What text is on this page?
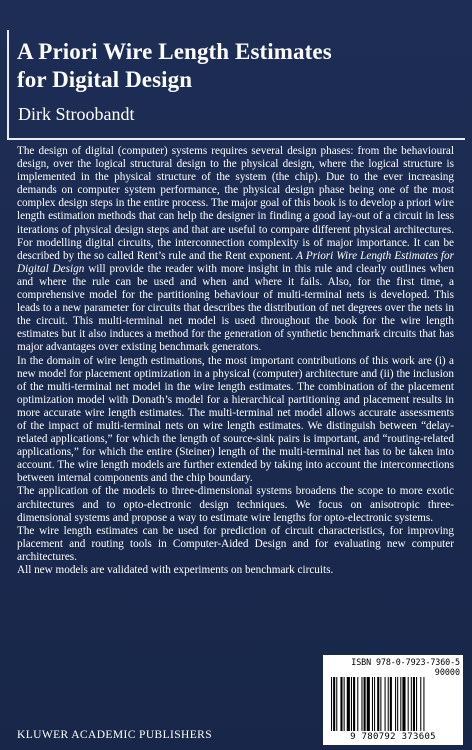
A Priori Wire Length Estimates
for Digital Design
Dirk Stroobandt

The design of digital (computer) systems requires several design phases: from the behavioural design, over the logical structural design to the physical design, where the logical structure is implemented in the physical structure of the system (the chip). Due to the ever increasing demands on computer system performance, the physical design phase being one of the most complex design steps in the entire process. The major goal of this book is to develop a priori wire length estimation methods that can help the designer in finding a good lay-out of a circuit in less iterations of physical design steps and that are useful to compare different physical architectures. For modelling digital circuits, the interconnection complexity is of major importance. It can be described by the so called Rent’s rule and the Rent exponent. A Priori Wire Length Estimates for Digital Design will provide the reader with more insight in this rule and clearly outlines when and where the rule can be used and when and where it fails. Also, for the first time, a comprehensive model for the partitioning behaviour of multi-terminal nets is developed. This leads to a new parameter for circuits that describes the distribution of net degrees over the nets in the circuit. This multi-terminal net model is used throughout the book for the wire length estimates but it also induces a method for the generation of synthetic benchmark circuits that has major advantages over existing benchmark generators.

In the domain of wire length estimations, the most important contributions of this work are (i) a new model for placement optimization in a physical (computer) architecture and (ii) the inclusion of the multi-terminal net model in the wire length estimates. The combination of the placement optimization model with Donath’s model for a hierarchical partitioning and placement results in more accurate wire length estimates. The multi-terminal net model allows accurate assessments of the impact of multi-terminal nets on wire length estimates. We distinguish between “delay-related applications,” for which the length of source-sink pairs is important, and “routing-related applications,” for which the entire (Steiner) length of the multi-terminal net has to be taken into account. The wire length models are further extended by taking into account the interconnections between internal components and the chip boundary.

The application of the models to three-dimensional systems broadens the scope to more exotic architectures and to opto-electronic design techniques. We focus on anisotropic three-dimensional systems and propose a way to estimate wire lengths for opto-electronic systems.

The wire length estimates can be used for prediction of circuit characteristics, for improving placement and routing tools in Computer-Aided Design and for evaluating new computer architectures.

All new models are validated with experiments on benchmark circuits.

ISBN 978-0-7923-7360-5
90000
9 780792 373605
KLUWER ACADEMIC PUBLISHERS
